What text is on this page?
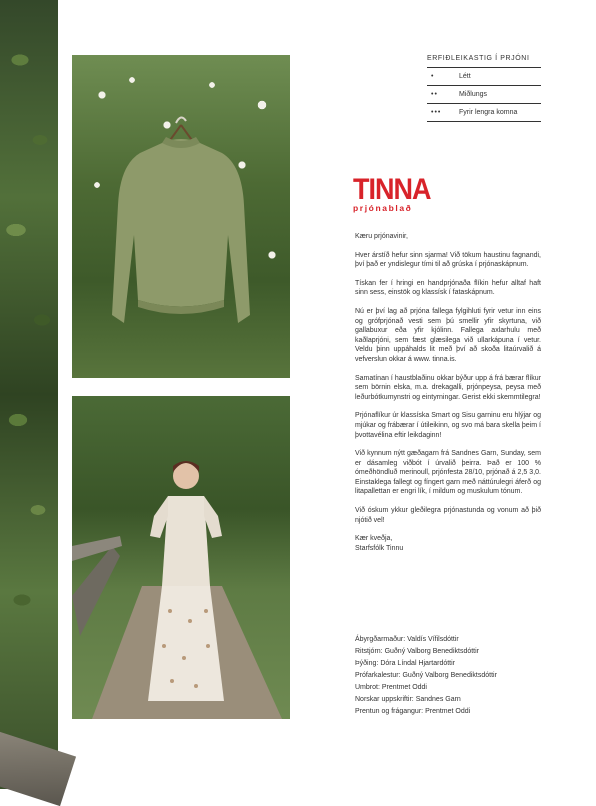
ERFIÐLEIKASTIG Í PRJÓNI
•	Létt
••	Miðlungs
•••	Fyrir lengra komna
TINNA
prjónablað

Kæru prjónavinir,

Hver árstíð hefur sinn sjarma! Við tökum haustinu fagnandi, því það er yndislegur tími til að grúska í prjónaskápnum.

Tískan fer í hringi en handprjónaða flíkin hefur alltaf haft sinn sess, einstök og klassísk í fataskápnum.

Nú er því lag að prjóna fallega fylgihluti fyrir vetur inn eins og grófprjónað vesti sem þú smellir yfir skyrtuna, við gallabuxur eða yfir kjólinn. Fallega axlarhulu með kaðlaprjóni, sem fæst glæsilega við ullarkápuna í vetur. Veldu þinn uppáhalds lit með því að skoða litaúrvalið á vefverslun okkar á www. tinna.is.

Samatínan í haustblaðinu okkar býður upp á frá bærar flíkur sem börnin elska, m.a. drekagalli, prjónpeysa, peysa með leðurbótkumynstri og eintyrningar. Gerist ekki skemmtilegra!

Prjónaflíkur úr klassíska Smart og Sisu garninu eru hlýjar og mjúkar og frábærar í útileikinn, og svo má bara skella þeim í þvottavélina eftir leikdaginn!

Við kynnum nýtt gæðagarn frá Sandnes Garn, Sunday, sem er dásamleg viðbót í úrvalið þeirra. Það er 100 % ómeðhöndluð merinoull, prjónfesta 28/10, prjónað á 2,5 3,0. Einstaklega fallegt og fíngert garn með náttúrulegri áferð og litapallettan er engri lík, í mildum og muskulum tónum.

Við óskum ykkur gleðilegra prjónastunda og vonum að þið njótið vel!

Kær kveðja,
Starfsfólk Tinnu
Ábyrgðarmaður: Valdís Vífilsdóttir
Ritstjórn: Guðný Valborg Benediktsdóttir
Þýðing: Dóra Líndal Hjartardóttir
Prófarkalestur: Guðný Valborg Benediktsdóttir
Umbrot: Prentmet Oddi
Norskar uppskriftir: Sandnes Garn
Prentun og frágangur: Prentmet Oddi
